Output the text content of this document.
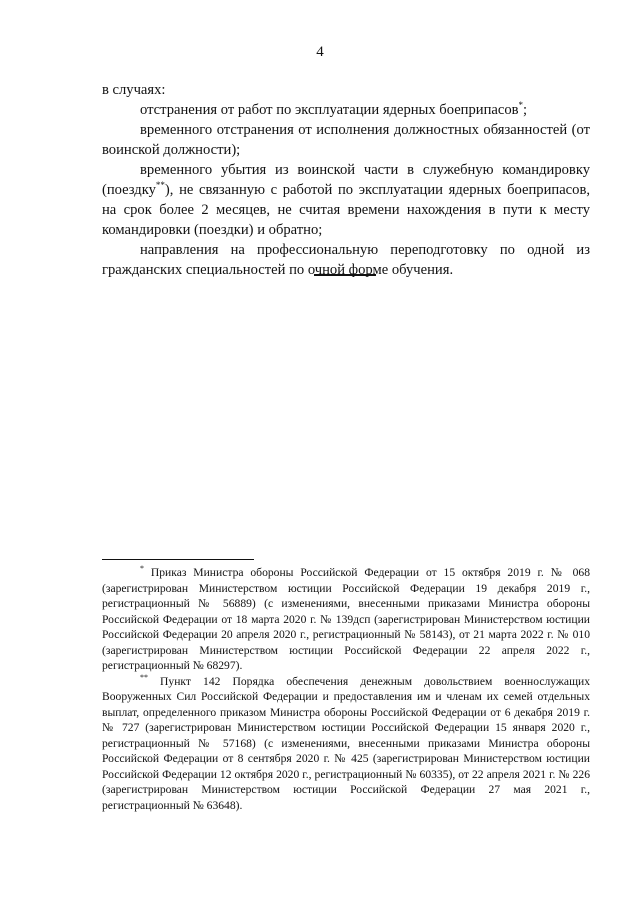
4

в случаях:

отстранения от работ по эксплуатации ядерных боеприпасов*;

временного отстранения от исполнения должностных обязанностей (от воинской должности);

временного убытия из воинской части в служебную командировку (поездку**), не связанную с работой по эксплуатации ядерных боеприпасов, на срок более 2 месяцев, не считая времени нахождения в пути к месту командировки (поездки) и обратно;

направления на профессиональную переподготовку по одной из гражданских специальностей по очной форме обучения.

* Приказ Министра обороны Российской Федерации от 15 октября 2019 г. № 068 (зарегистрирован Министерством юстиции Российской Федерации 19 декабря 2019 г., регистрационный № 56889) (с изменениями, внесенными приказами Министра обороны Российской Федерации от 18 марта 2020 г. № 139дсп (зарегистрирован Министерством юстиции Российской Федерации 20 апреля 2020 г., регистрационный № 58143), от 21 марта 2022 г. № 010 (зарегистрирован Министерством юстиции Российской Федерации 22 апреля 2022 г., регистрационный № 68297).

** Пункт 142 Порядка обеспечения денежным довольствием военнослужащих Вооруженных Сил Российской Федерации и предоставления им и членам их семей отдельных выплат, определенного приказом Министра обороны Российской Федерации от 6 декабря 2019 г. № 727 (зарегистрирован Министерством юстиции Российской Федерации 15 января 2020 г., регистрационный № 57168) (с изменениями, внесенными приказами Министра обороны Российской Федерации от 8 сентября 2020 г. № 425 (зарегистрирован Министерством юстиции Российской Федерации 12 октября 2020 г., регистрационный № 60335), от 22 апреля 2021 г. № 226 (зарегистрирован Министерством юстиции Российской Федерации 27 мая 2021 г., регистрационный № 63648).
